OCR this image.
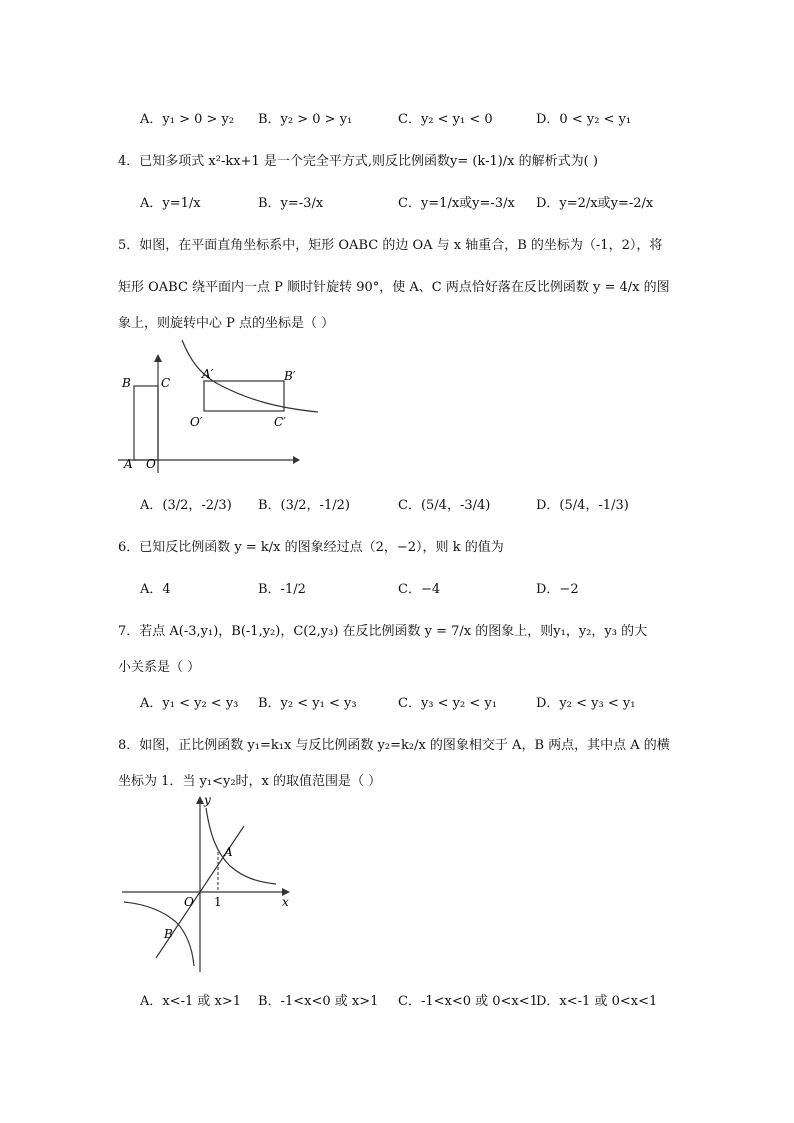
A．y₁ > 0 > y₂ B．y₂ > 0 > y₁	C．y₂ < y₁ < 0	D．0 < y₂ < y₁
4．已知多项式 x²-kx+1 是一个完全平方式,则反比例函数y= (k-1)/x 的解析式为( )
A．y=1/x	B．y=-3/x	C．y=1/x或y=-3/x D．y=2/x或y=-2/x
5．如图，在平面直角坐标系中，矩形 OABC 的边 OA 与 x 轴重合，B 的坐标为（-1，2），将
矩形 OABC 绕平面内一点 P 顺时针旋转 90°，使 A、C 两点恰好落在反比例函数 y = 4/x 的图
象上，则旋转中心 P 点的坐标是（ ）
B	C
A O
A′	B′
O′	C′
A．(3/2，-2/3) B．(3/2，-1/2)	C．(5/4，-3/4)	D．(5/4，-1/3)
6．已知反比例函数 y = k/x 的图象经过点（2，−2），则 k 的值为
A．4	B．-1/2	C．−4	D．−2
7．若点 A(-3,y₁)，B(-1,y₂)，C(2,y₃) 在反比例函数 y = 7/x 的图象上，则y₁，y₂，y₃ 的大
小关系是（ ）
A．y₁ < y₂ < y₃ B．y₂ < y₁ < y₃	C．y₃ < y₂ < y₁	D．y₂ < y₃ < y₁
8．如图，正比例函数 y₁=k₁x 与反比例函数 y₂=k₂/x 的图象相交于 A，B 两点，其中点 A 的横
坐标为 1．当 y₁<y₂时，x 的取值范围是（ ）
y
x
O 1
A
B
A．x<-1 或 x>1 B．-1<x<0 或 x>1 C．-1<x<0 或 0<x<1
D．x<-1 或 0<x<1
